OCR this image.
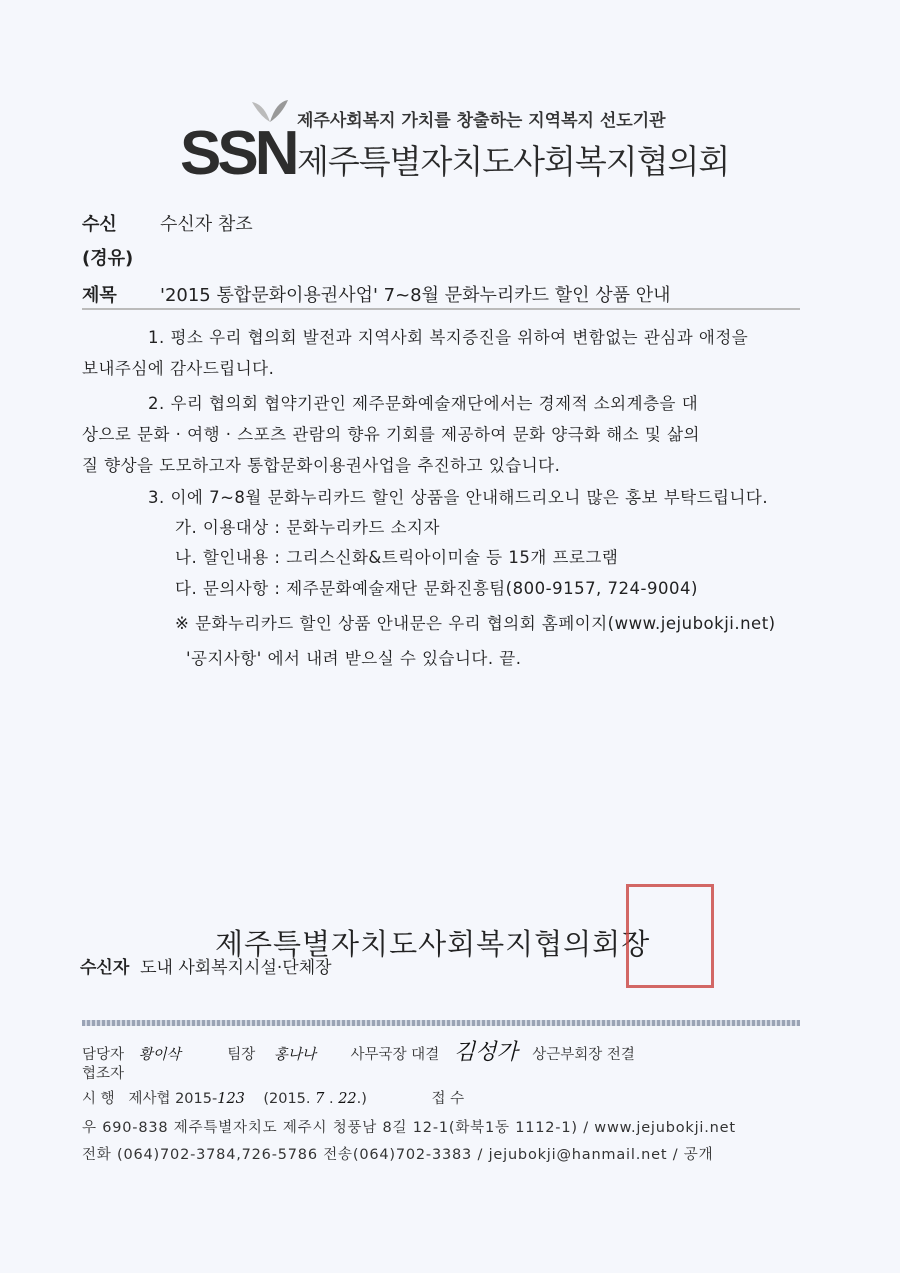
SSN 제주사회복지 가치를 창출하는 지역복지 선도기관
제주특별자치도사회복지협의회
수신 수신자 참조
(경유)
제목 '2015 통합문화이용권사업' 7~8월 문화누리카드 할인 상품 안내
1. 평소 우리 협의회 발전과 지역사회 복지증진을 위하여 변함없는 관심과 애정을
보내주심에 감사드립니다.
2. 우리 협의회 협약기관인 제주문화예술재단에서는 경제적 소외계층을 대
상으로 문화 · 여행 · 스포츠 관람의 향유 기회를 제공하여 문화 양극화 해소 및 삶의
질 향상을 도모하고자 통합문화이용권사업을 추진하고 있습니다.
3. 이에 7~8월 문화누리카드 할인 상품을 안내해드리오니 많은 홍보 부탁드립니다.
가. 이용대상 : 문화누리카드 소지자
나. 할인내용 : 그리스신화&트릭아이미술 등 15개 프로그램
다. 문의사항 : 제주문화예술재단 문화진흥팀(800-9157, 724-9004)
※ 문화누리카드 할인 상품 안내문은 우리 협의회 홈페이지(www.jejubokji.net)
'공지사항' 에서 내려 받으실 수 있습니다. 끝.
제주특별자치도사회복지협의회장
수신자 도내 사회복지시설·단체장
담당자 황이삭	팀장 홍나나 사무국장 대결 김성가 상근부회장 전결
협조자
시 행 제사협 2015-123 (2015. 7 . 22.)	접 수
우 690-838 제주특별자치도 제주시 청풍남 8길 12-1(화북1동 1112-1) / www.jejubokji.net
전화 (064)702-3784,726-5786 전송(064)702-3383 / jejubokji@hanmail.net / 공개
